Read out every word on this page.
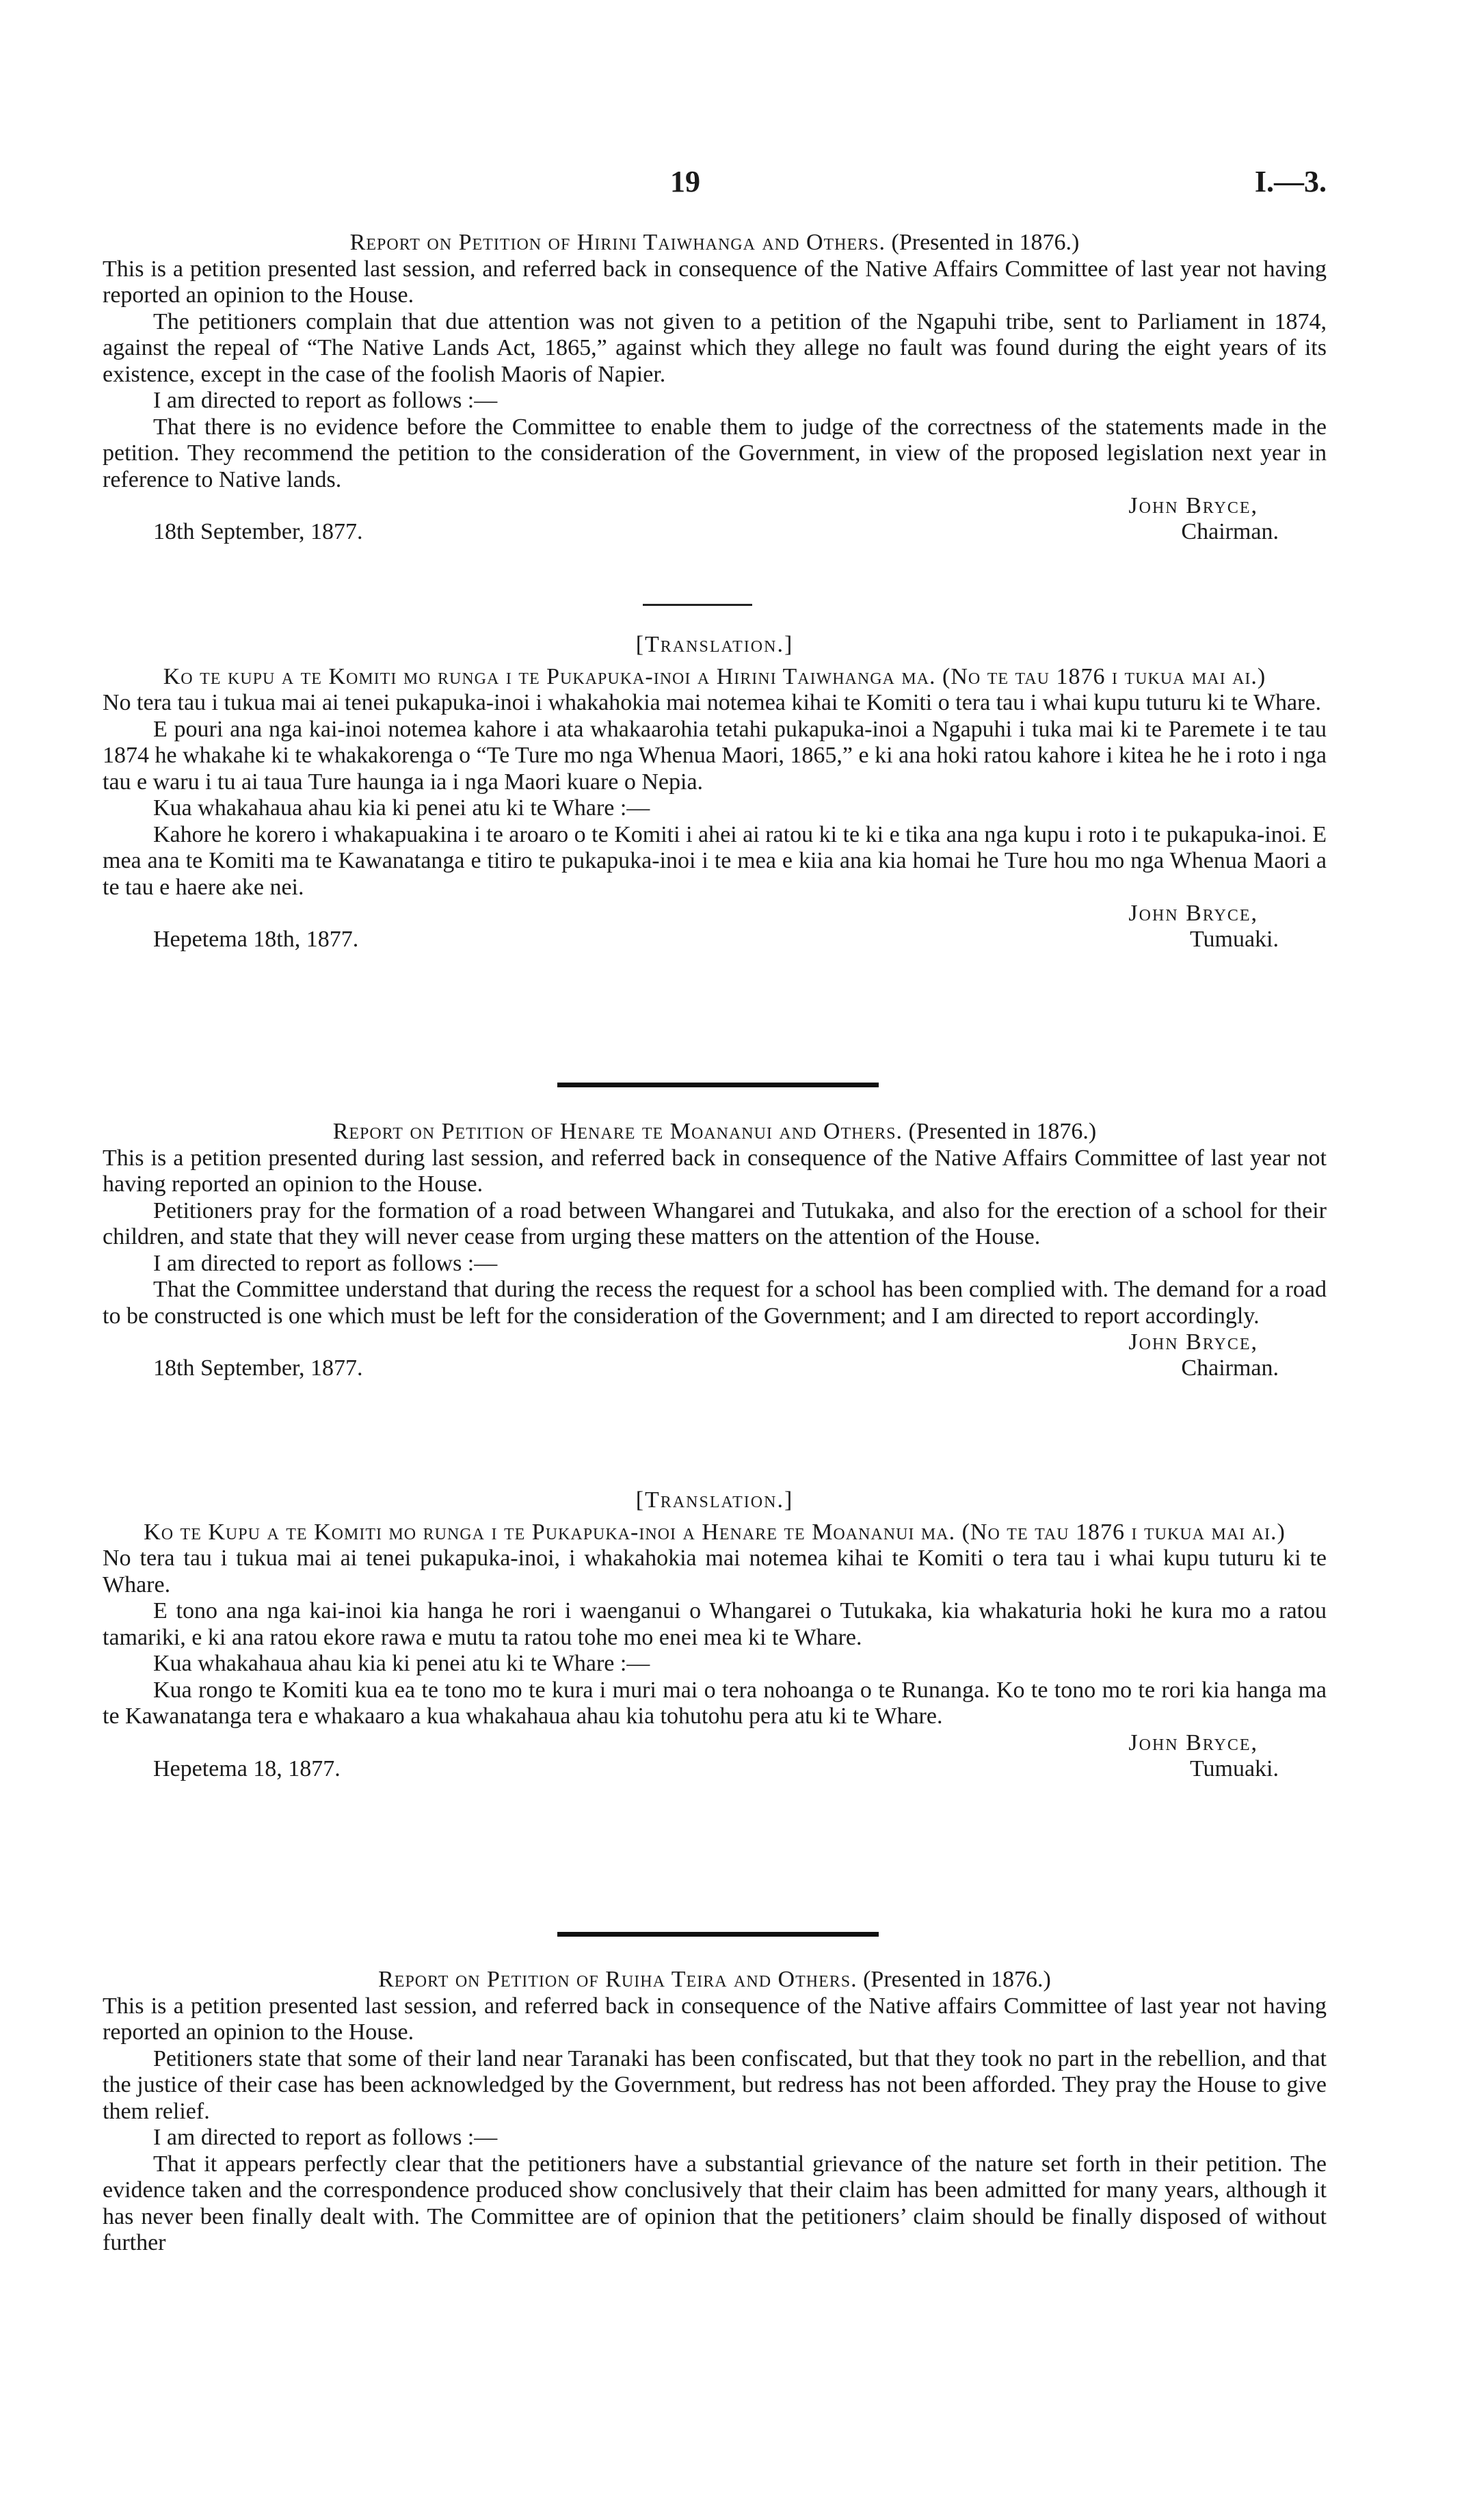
19	I.—3.
Report on Petition of Hirini Taiwhanga and Others. (Presented in 1876.)

This is a petition presented last session, and referred back in consequence of the Native Affairs Committee of last year not having reported an opinion to the House.

The petitioners complain that due attention was not given to a petition of the Ngapuhi tribe, sent to Parliament in 1874, against the repeal of “The Native Lands Act, 1865,” against which they allege no fault was found during the eight years of its existence, except in the case of the foolish Maoris of Napier.

I am directed to report as follows :—

That there is no evidence before the Committee to enable them to judge of the correctness of the statements made in the petition. They recommend the petition to the consideration of the Government, in view of the proposed legislation next year in reference to Native lands.

John Bryce,
18th September, 1877.	Chairman.
[Translation.]
Ko te kupu a te Komiti mo runga i te Pukapuka-inoi a Hirini Taiwhanga ma. (No te tau 1876 i tukua mai ai.)

No tera tau i tukua mai ai tenei pukapuka-inoi i whakahokia mai notemea kihai te Komiti o tera tau i whai kupu tuturu ki te Whare.

E pouri ana nga kai-inoi notemea kahore i ata whakaarohia tetahi pukapuka-inoi a Ngapuhi i tuka mai ki te Paremete i te tau 1874 he whakahe ki te whakakorenga o “Te Ture mo nga Whenua Maori, 1865,” e ki ana hoki ratou kahore i kitea he he i roto i nga tau e waru i tu ai taua Ture haunga ia i nga Maori kuare o Nepia.

Kua whakahaua ahau kia ki penei atu ki te Whare :—

Kahore he korero i whakapuakina i te aroaro o te Komiti i ahei ai ratou ki te ki e tika ana nga kupu i roto i te pukapuka-inoi. E mea ana te Komiti ma te Kawanatanga e titiro te pukapuka-inoi i te mea e kiia ana kia homai he Ture hou mo nga Whenua Maori a te tau e haere ake nei.

John Bryce,
Hepetema 18th, 1877.	Tumuaki.
Report on Petition of Henare te Moananui and Others. (Presented in 1876.)

This is a petition presented during last session, and referred back in consequence of the Native Affairs Committee of last year not having reported an opinion to the House.

Petitioners pray for the formation of a road between Whangarei and Tutukaka, and also for the erection of a school for their children, and state that they will never cease from urging these matters on the attention of the House.

I am directed to report as follows :—

That the Committee understand that during the recess the request for a school has been complied with. The demand for a road to be constructed is one which must be left for the consideration of the Government; and I am directed to report accordingly.

John Bryce,
18th September, 1877.	Chairman.
[Translation.]
Ko te Kupu a te Komiti mo runga i te Pukapuka-inoi a Henare te Moananui ma. (No te tau 1876 i tukua mai ai.)

No tera tau i tukua mai ai tenei pukapuka-inoi, i whakahokia mai notemea kihai te Komiti o tera tau i whai kupu tuturu ki te Whare.

E tono ana nga kai-inoi kia hanga he rori i waenganui o Whangarei o Tutukaka, kia whakaturia hoki he kura mo a ratou tamariki, e ki ana ratou ekore rawa e mutu ta ratou tohe mo enei mea ki te Whare.

Kua whakahaua ahau kia ki penei atu ki te Whare :—

Kua rongo te Komiti kua ea te tono mo te kura i muri mai o tera nohoanga o te Runanga. Ko te tono mo te rori kia hanga ma te Kawanatanga tera e whakaaro a kua whakahaua ahau kia tohutohu pera atu ki te Whare.

John Bryce,
Hepetema 18, 1877.	Tumuaki.
Report on Petition of Ruiha Teira and Others. (Presented in 1876.)

This is a petition presented last session, and referred back in consequence of the Native affairs Committee of last year not having reported an opinion to the House.

Petitioners state that some of their land near Taranaki has been confiscated, but that they took no part in the rebellion, and that the justice of their case has been acknowledged by the Government, but redress has not been afforded. They pray the House to give them relief.

I am directed to report as follows :—

That it appears perfectly clear that the petitioners have a substantial grievance of the nature set forth in their petition. The evidence taken and the correspondence produced show conclusively that their claim has been admitted for many years, although it has never been finally dealt with. The Committee are of opinion that the petitioners’ claim should be finally disposed of without further
